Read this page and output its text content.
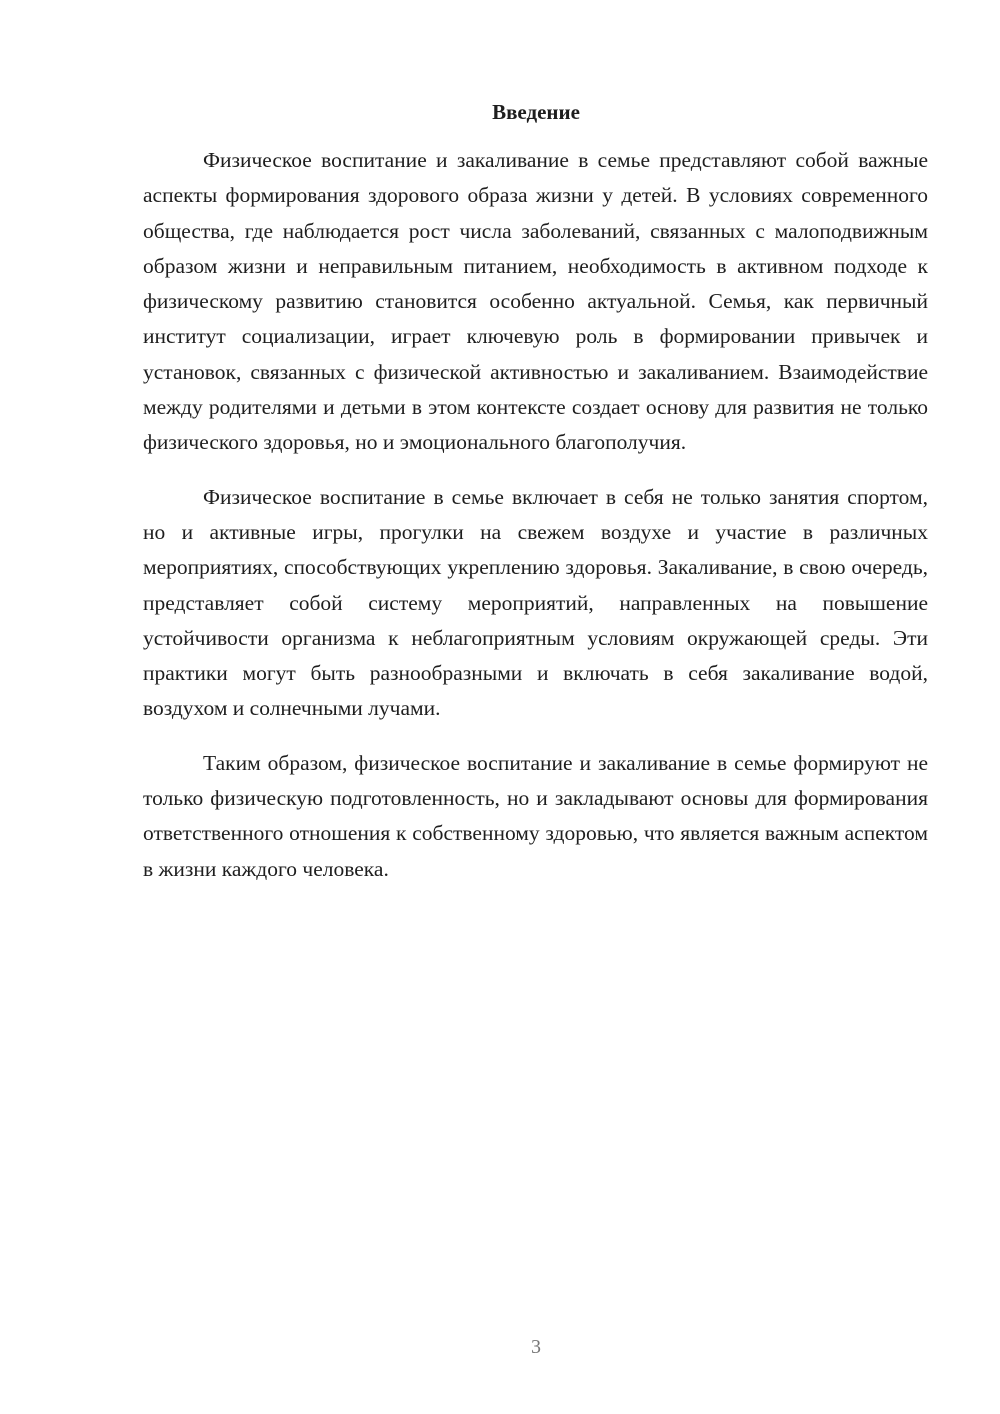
Введение

Физическое воспитание и закаливание в семье представляют собой важные аспекты формирования здорового образа жизни у детей. В условиях современного общества, где наблюдается рост числа заболеваний, связанных с малоподвижным образом жизни и неправильным питанием, необходимость в активном подходе к физическому развитию становится особенно актуальной. Семья, как первичный институт социализации, играет ключевую роль в формировании привычек и установок, связанных с физической активностью и закаливанием. Взаимодействие между родителями и детьми в этом контексте создает основу для развития не только физического здоровья, но и эмоционального благополучия.

Физическое воспитание в семье включает в себя не только занятия спортом, но и активные игры, прогулки на свежем воздухе и участие в различных мероприятиях, способствующих укреплению здоровья. Закаливание, в свою очередь, представляет собой систему мероприятий, направленных на повышение устойчивости организма к неблагоприятным условиям окружающей среды. Эти практики могут быть разнообразными и включать в себя закаливание водой, воздухом и солнечными лучами.

Таким образом, физическое воспитание и закаливание в семье формируют не только физическую подготовленность, но и закладывают основы для формирования ответственного отношения к собственному здоровью, что является важным аспектом в жизни каждого человека.

3
